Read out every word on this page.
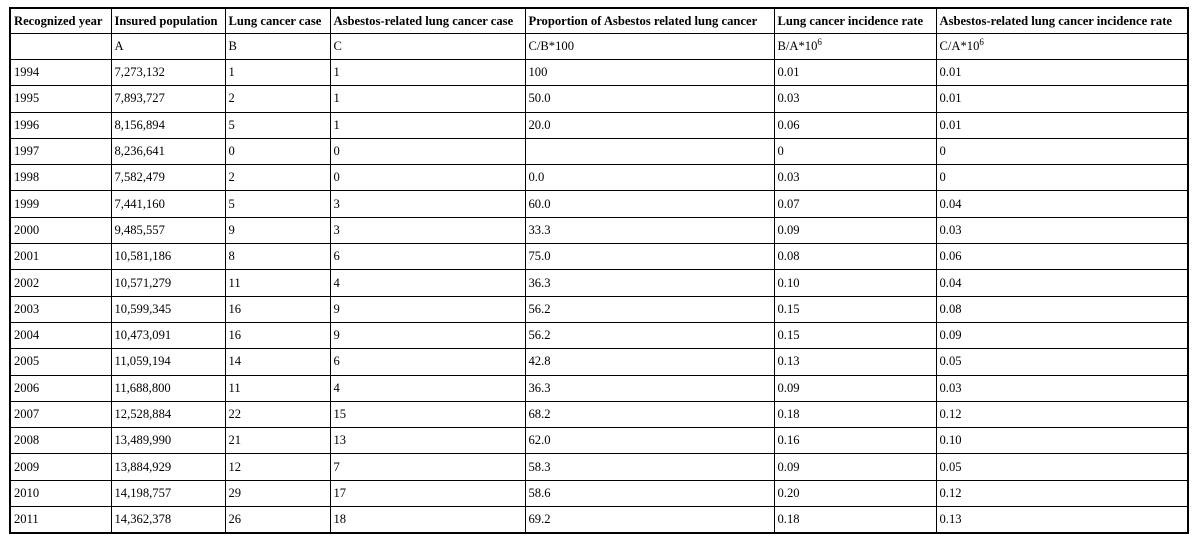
Recognized year	Insured population	Lung cancer case	Asbestos-related lung cancer case	Proportion of Asbestos related lung cancer	Lung cancer incidence rate	Asbestos-related lung cancer incidence rate
	A	B	C	C/B*100	$B/A*10^6$	$C/A*10^6$
1994	7,273,132	1	1	100	0.01	0.01
1995	7,893,727	2	1	50.0	0.03	0.01
1996	8,156,894	5	1	20.0	0.06	0.01
1997	8,236,641	0	0		0	0
1998	7,582,479	2	0	0.0	0.03	0
1999	7,441,160	5	3	60.0	0.07	0.04
2000	9,485,557	9	3	33.3	0.09	0.03
2001	10,581,186	8	6	75.0	0.08	0.06
2002	10,571,279	11	4	36.3	0.10	0.04
2003	10,599,345	16	9	56.2	0.15	0.08
2004	10,473,091	16	9	56.2	0.15	0.09
2005	11,059,194	14	6	42.8	0.13	0.05
2006	11,688,800	11	4	36.3	0.09	0.03
2007	12,528,884	22	15	68.2	0.18	0.12
2008	13,489,990	21	13	62.0	0.16	0.10
2009	13,884,929	12	7	58.3	0.09	0.05
2010	14,198,757	29	17	58.6	0.20	0.12
2011	14,362,378	26	18	69.2	0.18	0.13
